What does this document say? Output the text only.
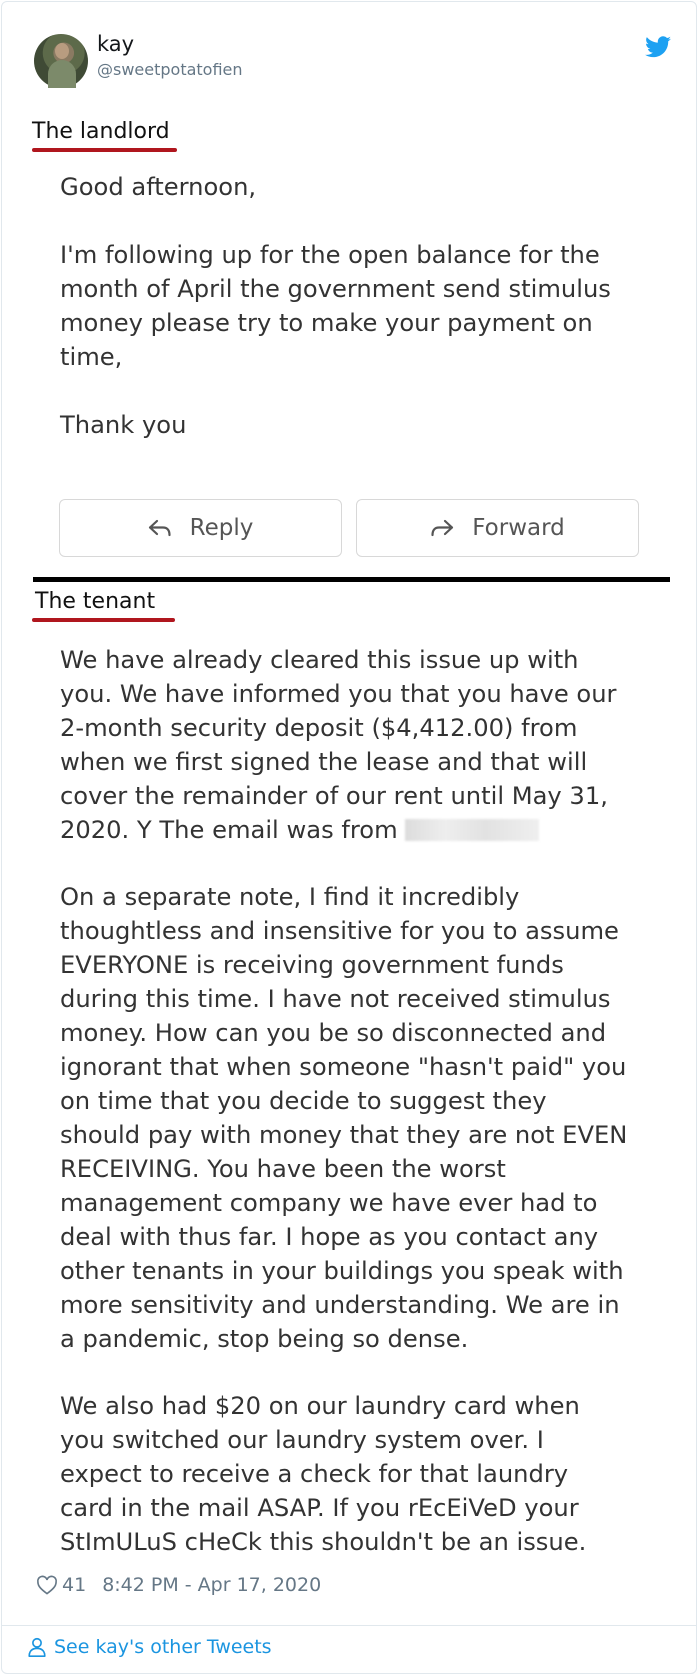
kay
@sweetpotatofien
The landlord
Good afternoon,
I'm following up for the open balance for the
month of April the government send stimulus
money please try to make your payment on
time,
Thank you
Reply	Forward
The tenant
We have already cleared this issue up with
you. We have informed you that you have our
2-month security deposit ($4,412.00) from
when we first signed the lease and that will
cover the remainder of our rent until May 31,
2020. Y The email was from
On a separate note, I find it incredibly
thoughtless and insensitive for you to assume
EVERYONE is receiving government funds
during this time. I have not received stimulus
money. How can you be so disconnected and
ignorant that when someone "hasn't paid" you
on time that you decide to suggest they
should pay with money that they are not EVEN
RECEIVING. You have been the worst
management company we have ever had to
deal with thus far. I hope as you contact any
other tenants in your buildings you speak with
more sensitivity and understanding. We are in
a pandemic, stop being so dense.
We also had $20 on our laundry card when
you switched our laundry system over. I
expect to receive a check for that laundry
card in the mail ASAP. If you rEcEiVeD your
StImULuS cHeCk this shouldn't be an issue.
41 8:42 PM - Apr 17, 2020
See kay's other Tweets
